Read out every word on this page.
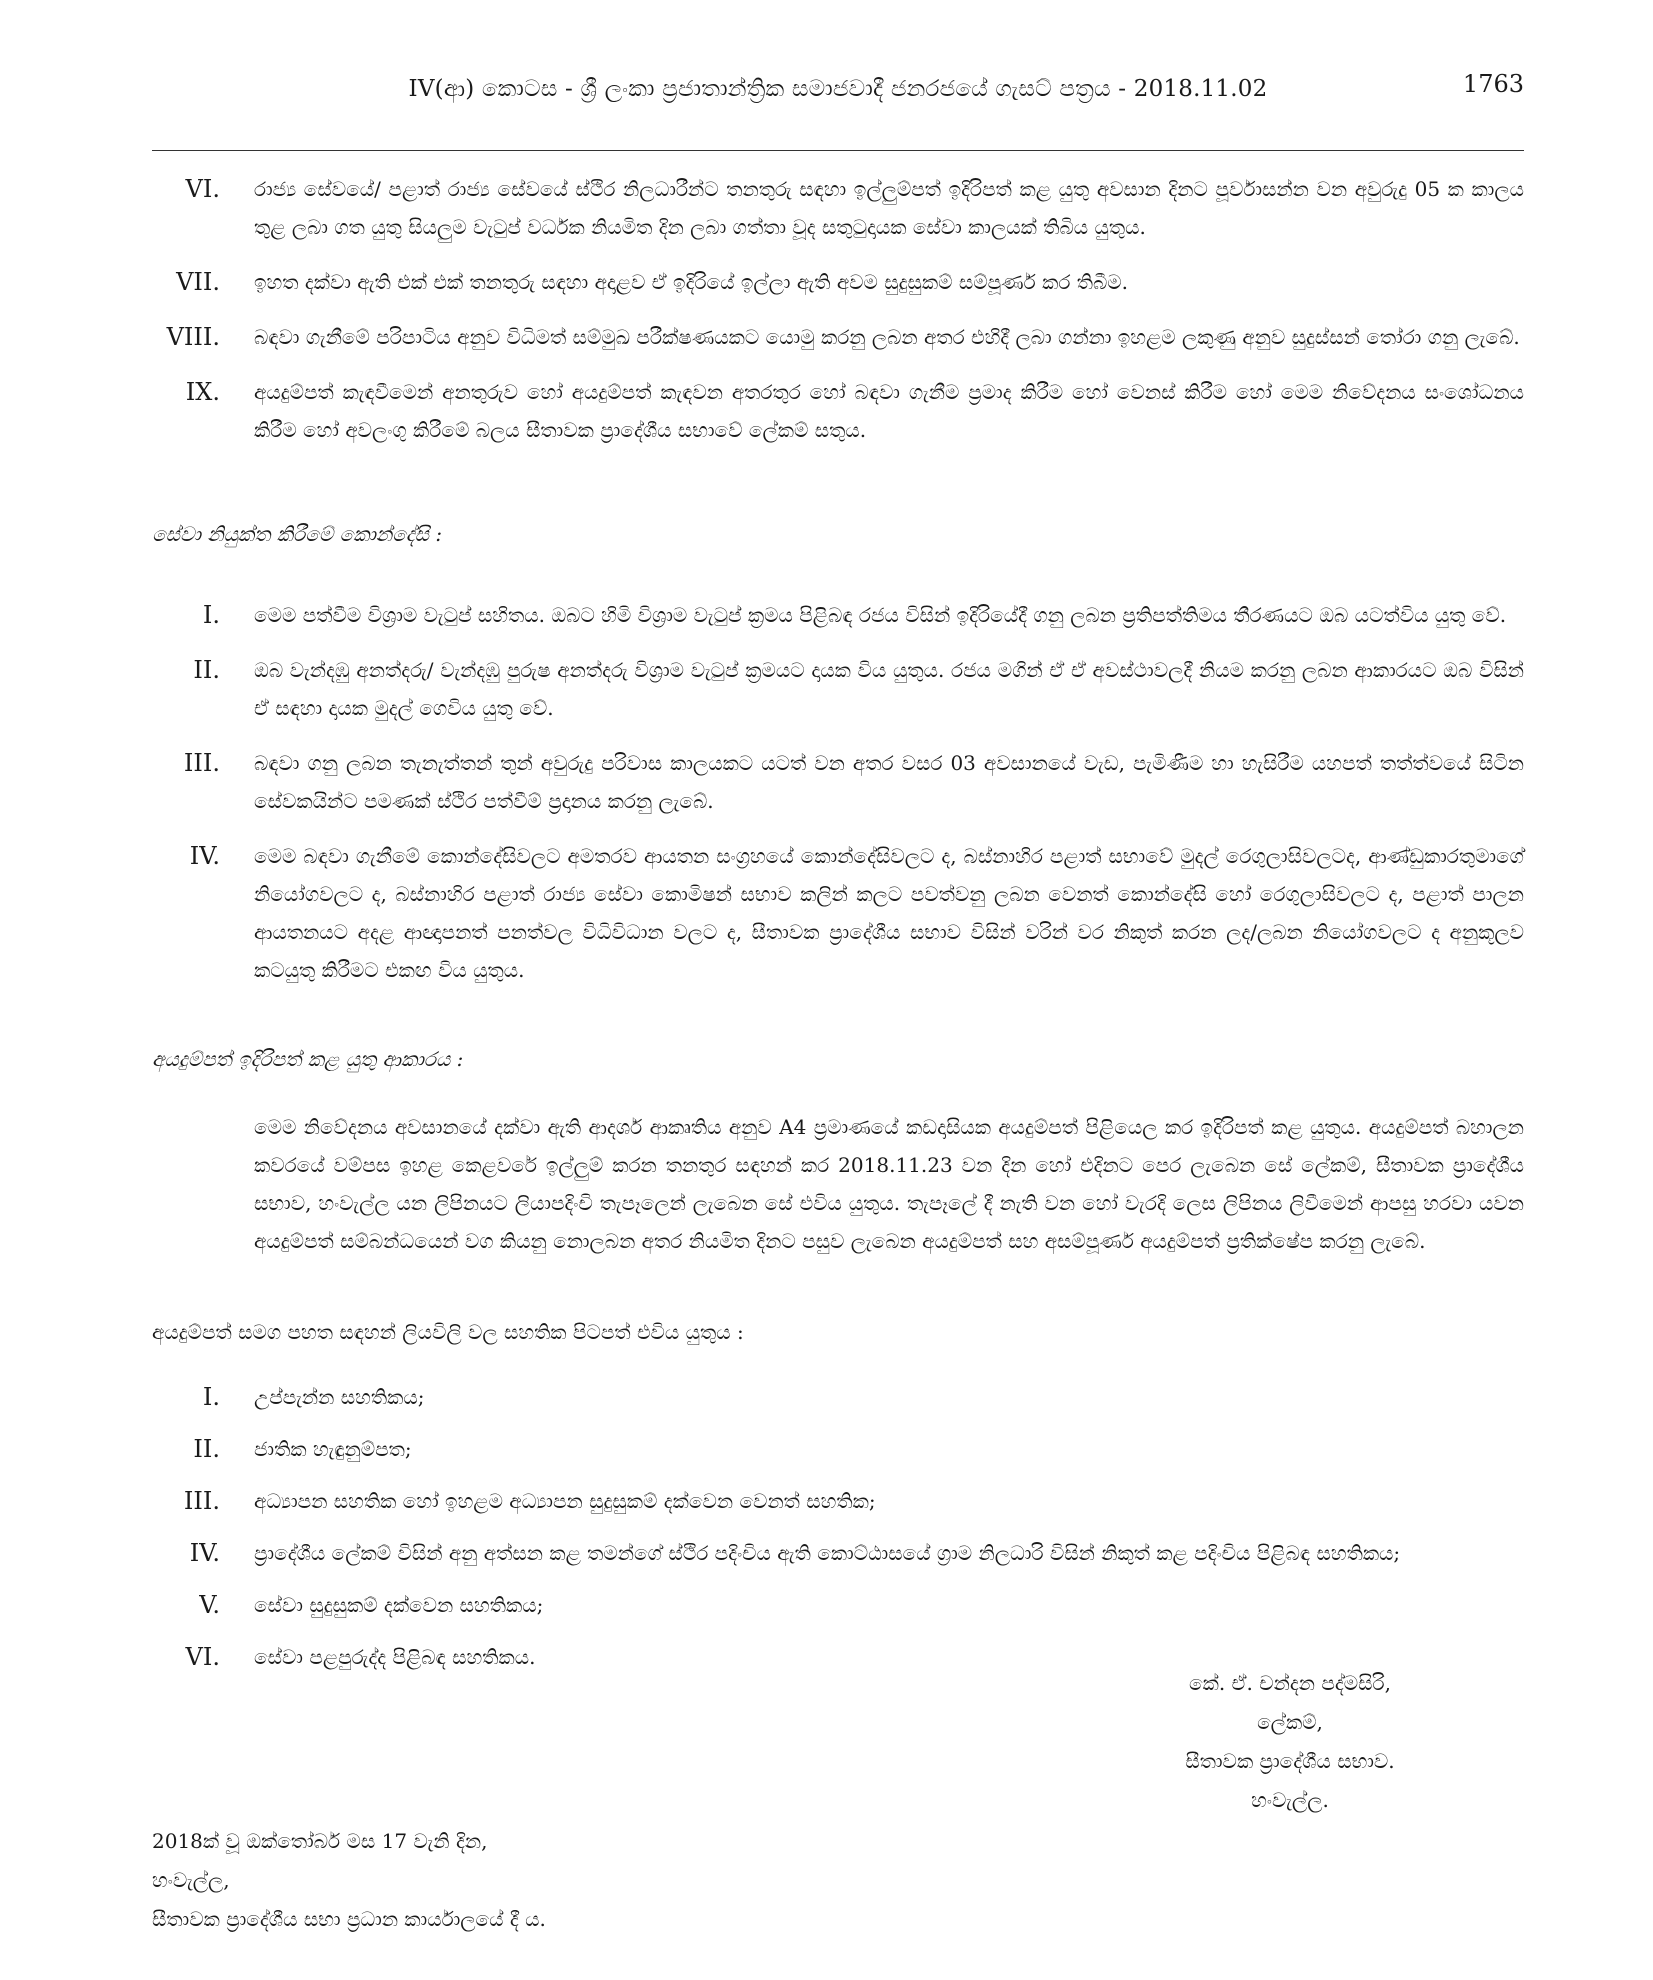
IV(ආ) කොටස - ශ්‍රී ලංකා ප්‍රජාතාන්ත්‍රික සමාජවාදී ජනරජයේ ගැසට් පත්‍රය - 2018.11.02	1763
VI. රාජ්‍ය සේවයේ/ පළාත් රාජ්‍ය සේවයේ ස්ථිර නිලධාරීන්ට තනතුරු සඳහා ඉල්ලුම්පත් ඉදිරිපත් කළ යුතු අවසාන දිනට පූර්වාසන්න වන අවුරුදු 05 ක කාලය තුළ ලබා ගත යුතු සියලුම වැටුප් වර්ධක නියමිත දින ලබා ගත්තා වූද සතුටුදායක සේවා කාලයක් තිබිය යුතුය.
VII. ඉහත දක්වා ඇති එක් එක් තනතුරු සඳහා අදාළව ඒ ඉදිරියේ ඉල්ලා ඇති අවම සුදුසුකම් සම්පූර්ණ කර තිබීම.
VIII. බඳවා ගැනීමේ පරිපාටිය අනුව විධිමත් සම්මුඛ පරීක්ෂණයකට යොමු කරනු ලබන අතර එහිදී ලබා ගන්නා ඉහළම ලකුණු අනුව සුදුස්සන් තෝරා ගනු ලැබේ.
IX. අයදුම්පත් කැඳවීමෙන් අනතුරුව හෝ අයදුම්පත් කැඳවන අතරතුර හෝ බඳවා ගැනීම ප්‍රමාද කිරීම හෝ වෙනස් කිරීම හෝ මෙම නිවේදනය සංශෝධනය කිරීම හෝ අවලංගු කිරීමේ බලය සීතාවක ප්‍රාදේශීය සභාවේ ලේකම් සතුය.
සේවා නියුක්ත කිරීමේ කොන්දේසි :
I. මෙම පත්වීම විශ්‍රාම වැටුප් සහිතය. ඔබට හිමි විශ්‍රාම වැටුප් ක්‍රමය පිළිබඳ රජය විසින් ඉදිරියේදී ගනු ලබන ප්‍රතිපත්තිමය තීරණයට ඔබ යටත්විය යුතු වේ.
II. ඔබ වැන්දඹු අනත්දරු/ වැන්දඹු පුරුෂ අනත්දරු විශ්‍රාම වැටුප් ක්‍රමයට දායක විය යුතුය. රජය මගින් ඒ ඒ අවස්ථාවලදී නියම කරනු ලබන ආකාරයට ඔබ විසින් ඒ සඳහා දායක මුදල් ගෙවිය යුතු වේ.
III. බඳවා ගනු ලබන තැනැත්තන් තුන් අවුරුදු පරිවාස කාලයකට යටත් වන අතර වසර 03 අවසානයේ වැඩ, පැමිණීම හා හැසිරීම යහපත් තත්ත්වයේ සිටින සේවකයින්ට පමණක් ස්ථිර පත්වීම් ප්‍රදානය කරනු ලැබේ.
IV. මෙම බඳවා ගැනීමේ කොන්දේසිවලට අමතරව ආයතන සංග්‍රහයේ කොන්දේසිවලට ද, බස්නාහිර පළාත් සභාවේ මුදල් රෙගුලාසිවලටද, ආණ්ඩුකාරතුමාගේ නියෝගවලට ද, බස්නාහිර පළාත් රාජ්‍ය සේවා කොමිෂන් සභාව කලින් කලට පවත්වනු ලබන වෙනත් කොන්දේසි හෝ රෙගුලාසිවලට ද, පළාත් පාලන ආයතනයට අදළ ආඥාපනත් පනත්වල විධිවිධාන වලට ද, සීතාවක ප්‍රාදේශීය සභාව විසින් වරින් වර නිකුත් කරන ලද/ලබන නියෝගවලට ද අනුකූලව කටයුතු කිරීමට එකඟ විය යුතුය.
අයදුම්පත් ඉදිරිපත් කළ යුතු ආකාරය :
මෙම නිවේදනය අවසානයේ දක්වා ඇති ආදර්ශ ආකෘතිය අනුව A4 ප්‍රමාණයේ කඩදාසියක අයදුම්පත් පිළියෙල කර ඉදිරිපත් කළ යුතුය. අයදුම්පත් බහාලන කවරයේ වම්පස ඉහළ කෙළවරේ ඉල්ලුම් කරන තනතුර සඳහන් කර 2018.11.23 වන දින හෝ එදිනට පෙර ලැබෙන සේ ලේකම්, සීතාවක ප්‍රාදේශීය සභාව, හංවැල්ල යන ලිපිනයට ලියාපදිංචි තැපෑලෙන් ලැබෙන සේ එවිය යුතුය. තැපෑලේ දී නැති වන හෝ වැරදි ලෙස ලිපිනය ලිවීමෙන් ආපසු හරවා යවන අයදුම්පත් සම්බන්ධයෙන් වග කියනු නොලබන අතර නියමිත දිනට පසුව ලැබෙන අයදුම්පත් සහ අසම්පූර්ණ අයදුම්පත් ප්‍රතික්ෂේප කරනු ලැබේ.
අයදුම්පත් සමග පහත සඳහන් ලියවිලි වල සහතික පිටපත් එවිය යුතුය :
I. උප්පැන්න සහතිකය;
II. ජාතික හැඳුනුම්පත;
III. අධ්‍යාපන සහතික හෝ ඉහළම අධ්‍යාපන සුදුසුකම් දක්වෙන වෙනත් සහතික;
IV. ප්‍රාදේශීය ලේකම් විසින් අනු අත්සන කළ තමන්ගේ ස්ථිර පදිංචිය ඇති කොට්ඨාසයේ ග්‍රාම නිලධාරි විසින් නිකුත් කළ පදිංචිය පිළිබඳ සහතිකය;
V. සේවා සුදුසුකම් දක්වෙන සහතිකය;
VI. සේවා පළපුරුද්ද පිළිබඳ සහතිකය.
කේ. ඒ. චන්දන පද්මසිරි,
ලේකම්,
සීතාවක ප්‍රාදේශීය සභාව.
හංවැල්ල.
2018ක් වූ ඔක්තෝබර් මස 17 වැනි දින,
හංවැල්ල,
සීතාවක ප්‍රාදේශීය සභා ප්‍රධාන කාර්යාලයේ දී ය.
